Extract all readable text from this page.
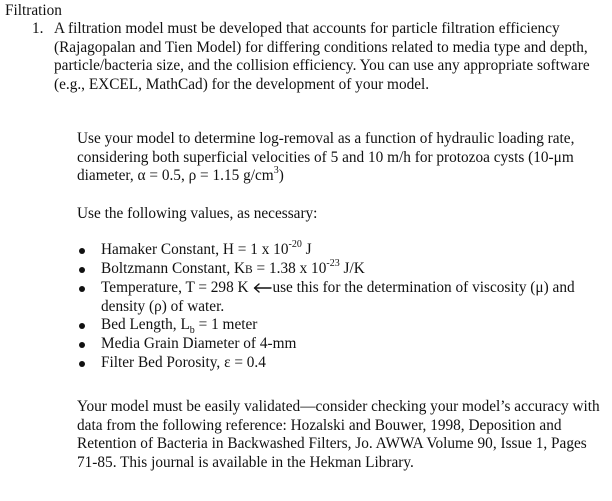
Filtration
1. A filtration model must be developed that accounts for particle filtration efficiency (Rajagopalan and Tien Model) for differing conditions related to media type and depth, particle/bacteria size, and the collision efficiency. You can use any appropriate software (e.g., EXCEL, MathCad) for the development of your model.

Use your model to determine log-removal as a function of hydraulic loading rate, considering both superficial velocities of 5 and 10 m/h for protozoa cysts (10-μm diameter, α = 0.5, ρ = 1.15 $g/cm^3$)

Use the following values, as necessary:

Hamaker Constant, H = 1 x $10^{-20}$ J
Boltzmann Constant, KB = 1.38 x $10^{-23}$ J/K
Temperature, T = 298 K use this for the determination of viscosity (μ) and density (ρ) of water.
Bed Length, $L_b = 1$ meter
Media Grain Diameter of 4-mm
Filter Bed Porosity, ε = 0.4

Your model must be easily validated—consider checking your model’s accuracy with data from the following reference: Hozalski and Bouwer, 1998, Deposition and Retention of Bacteria in Backwashed Filters, Jo. AWWA Volume 90, Issue 1, Pages 71-85. This journal is available in the Hekman Library.
